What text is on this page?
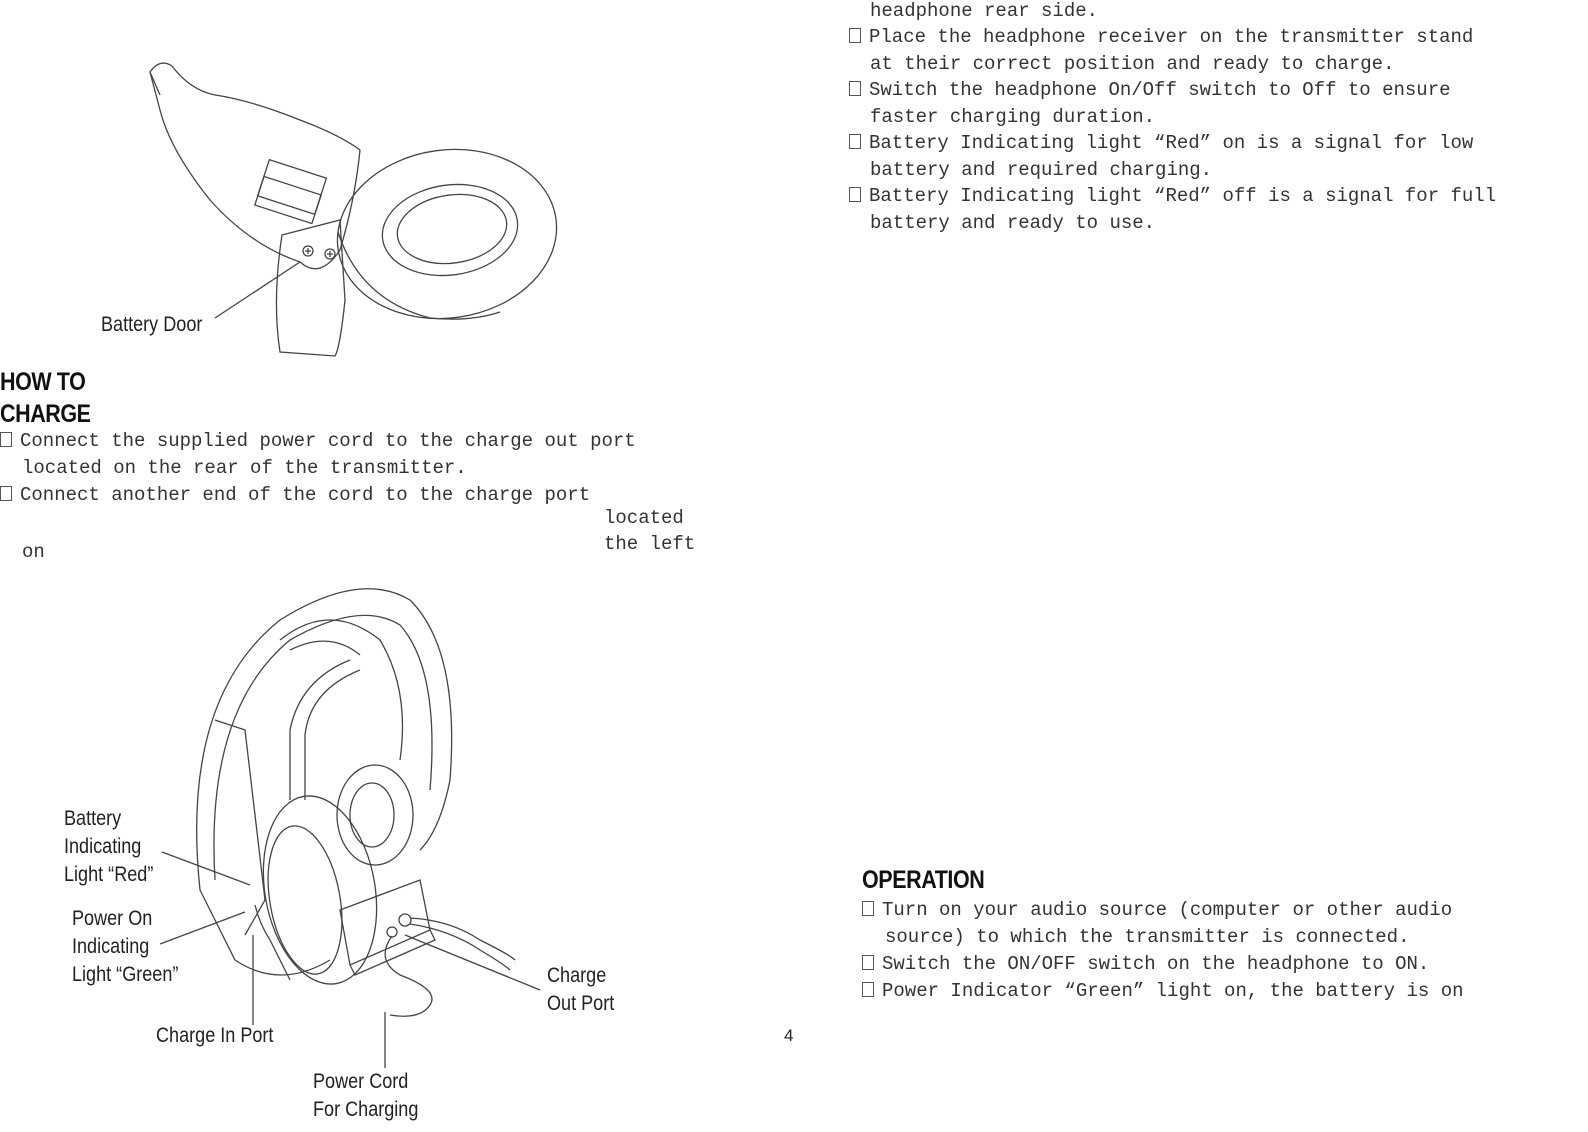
Battery Door
HOW TO
CHARGE
Connect the supplied power cord to the charge out port
located on the rear of the transmitter.
Connect another end of the cord to the charge port
located
on	the left
Battery
Indicating
Light “Red”
Power On
Indicating
Light “Green”
Charge In Port
Charge
Out Port
Power Cord
For Charging
4
headphone rear side.
Place the headphone receiver on the transmitter stand
at their correct position and ready to charge.
Switch the headphone On/Off switch to Off to ensure
faster charging duration.
Battery Indicating light “Red” on is a signal for low
battery and required charging.
Battery Indicating light “Red” off is a signal for full
battery and ready to use.
OPERATION
Turn on your audio source (computer or other audio
source) to which the transmitter is connected.
Switch the ON/OFF switch on the headphone to ON.
Power Indicator “Green” light on, the battery is on
